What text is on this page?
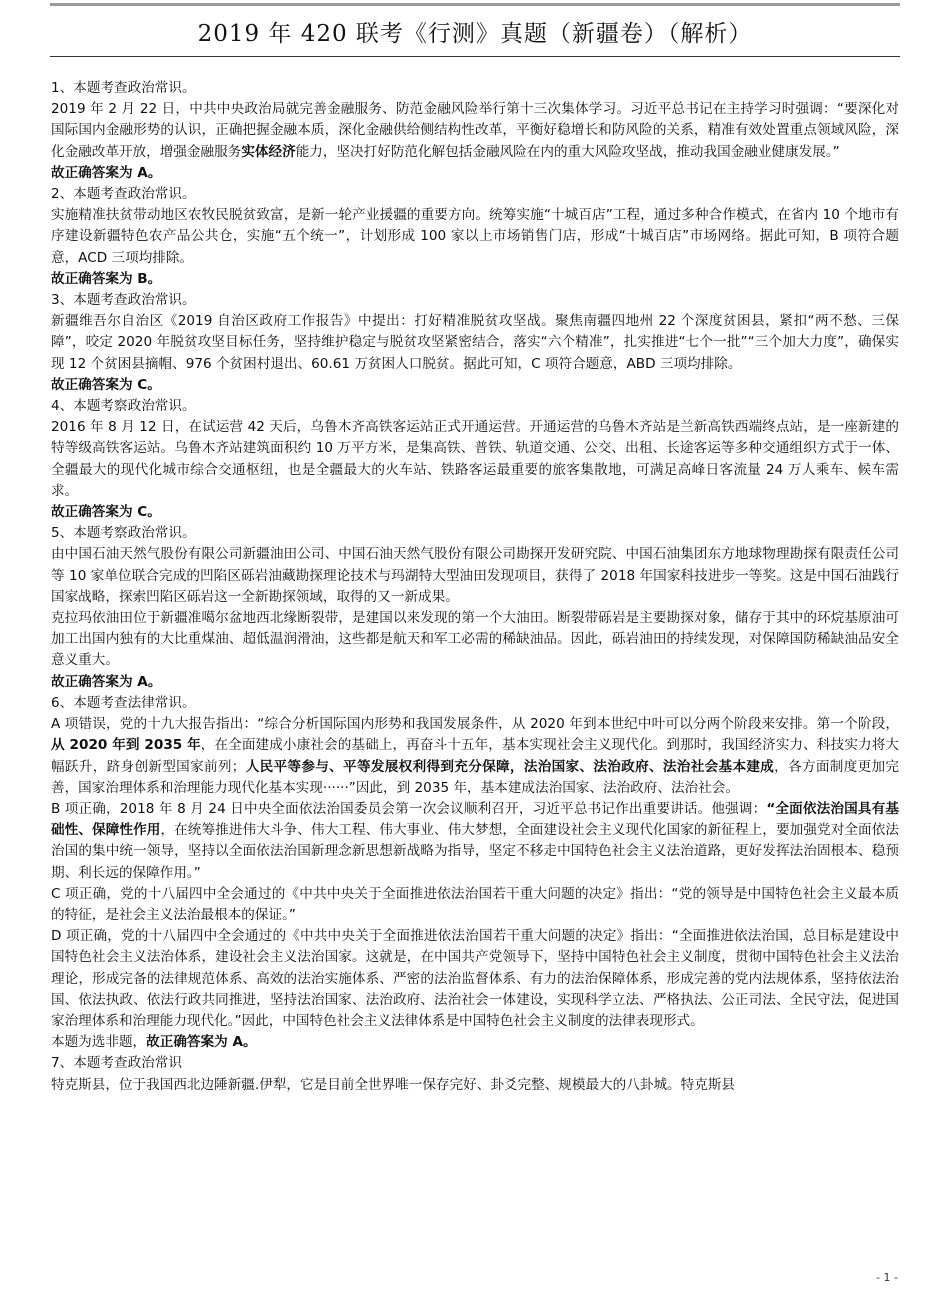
2019 年 420 联考《行测》真题（新疆卷）（解析）

1、本题考查政治常识。

2019 年 2 月 22 日，中共中央政治局就完善金融服务、防范金融风险举行第十三次集体学习。习近平总书记在主持学习时强调：“要深化对国际国内金融形势的认识，正确把握金融本质，深化金融供给侧结构性改革，平衡好稳增长和防风险的关系，精准有效处置重点领域风险，深化金融改革开放，增强金融服务实体经济能力，坚决打好防范化解包括金融风险在内的重大风险攻坚战，推动我国金融业健康发展。”

故正确答案为 A。

2、本题考查政治常识。

实施精准扶贫带动地区农牧民脱贫致富，是新一轮产业援疆的重要方向。统筹实施“十城百店”工程，通过多种合作模式，在省内 10 个地市有序建设新疆特色农产品公共仓，实施“五个统一”，计划形成 100 家以上市场销售门店，形成“十城百店”市场网络。据此可知，B 项符合题意，ACD 三项均排除。

故正确答案为 B。

3、本题考查政治常识。

新疆维吾尔自治区《2019 自治区政府工作报告》中提出：打好精准脱贫攻坚战。聚焦南疆四地州 22 个深度贫困县，紧扣“两不愁、三保障”，咬定 2020 年脱贫攻坚目标任务，坚持维护稳定与脱贫攻坚紧密结合，落实“六个精准”，扎实推进“七个一批”“三个加大力度”，确保实现 12 个贫困县摘帽、976 个贫困村退出、60.61 万贫困人口脱贫。据此可知，C 项符合题意，ABD 三项均排除。

故正确答案为 C。

4、本题考察政治常识。

2016 年 8 月 12 日，在试运营 42 天后，乌鲁木齐高铁客运站正式开通运营。开通运营的乌鲁木齐站是兰新高铁西端终点站，是一座新建的特等级高铁客运站。乌鲁木齐站建筑面积约 10 万平方米，是集高铁、普铁、轨道交通、公交、出租、长途客运等多种交通组织方式于一体、全疆最大的现代化城市综合交通枢纽，也是全疆最大的火车站、铁路客运最重要的旅客集散地，可满足高峰日客流量 24 万人乘车、候车需求。

故正确答案为 C。

5、本题考察政治常识。

由中国石油天然气股份有限公司新疆油田公司、中国石油天然气股份有限公司勘探开发研究院、中国石油集团东方地球物理勘探有限责任公司等 10 家单位联合完成的凹陷区砾岩油藏勘探理论技术与玛湖特大型油田发现项目，获得了 2018 年国家科技进步一等奖。这是中国石油践行国家战略，探索凹陷区砾岩这一全新勘探领域，取得的又一新成果。

克拉玛依油田位于新疆准噶尔盆地西北缘断裂带，是建国以来发现的第一个大油田。断裂带砾岩是主要勘探对象，储存于其中的环烷基原油可加工出国内独有的大比重煤油、超低温润滑油，这些都是航天和军工必需的稀缺油品。因此，砾岩油田的持续发现，对保障国防稀缺油品安全意义重大。

故正确答案为 A。

6、本题考查法律常识。

A 项错误，党的十九大报告指出：“综合分析国际国内形势和我国发展条件，从 2020 年到本世纪中叶可以分两个阶段来安排。第一个阶段，从 2020 年到 2035 年，在全面建成小康社会的基础上，再奋斗十五年，基本实现社会主义现代化。到那时，我国经济实力、科技实力将大幅跃升，跻身创新型国家前列；人民平等参与、平等发展权利得到充分保障，法治国家、法治政府、法治社会基本建成，各方面制度更加完善，国家治理体系和治理能力现代化基本实现······”因此，到 2035 年，基本建成法治国家、法治政府、法治社会。

B 项正确，2018 年 8 月 24 日中央全面依法治国委员会第一次会议顺利召开，习近平总书记作出重要讲话。他强调：“全面依法治国具有基础性、保障性作用，在统筹推进伟大斗争、伟大工程、伟大事业、伟大梦想，全面建设社会主义现代化国家的新征程上，要加强党对全面依法治国的集中统一领导，坚持以全面依法治国新理念新思想新战略为指导，坚定不移走中国特色社会主义法治道路，更好发挥法治固根本、稳预期、利长远的保障作用。”

C 项正确，党的十八届四中全会通过的《中共中央关于全面推进依法治国若干重大问题的决定》指出：“党的领导是中国特色社会主义最本质的特征，是社会主义法治最根本的保证。”

D 项正确，党的十八届四中全会通过的《中共中央关于全面推进依法治国若干重大问题的决定》指出：“全面推进依法治国，总目标是建设中国特色社会主义法治体系，建设社会主义法治国家。这就是，在中国共产党领导下，坚持中国特色社会主义制度，贯彻中国特色社会主义法治理论，形成完备的法律规范体系、高效的法治实施体系、严密的法治监督体系、有力的法治保障体系，形成完善的党内法规体系，坚持依法治国、依法执政、依法行政共同推进，坚持法治国家、法治政府、法治社会一体建设，实现科学立法、严格执法、公正司法、全民守法，促进国家治理体系和治理能力现代化。”因此，中国特色社会主义法律体系是中国特色社会主义制度的法律表现形式。

本题为选非题，故正确答案为 A。

7、本题考查政治常识

特克斯县，位于我国西北边陲新疆.伊犁，它是目前全世界唯一保存完好、卦爻完整、规模最大的八卦城。特克斯县

- 1 -
